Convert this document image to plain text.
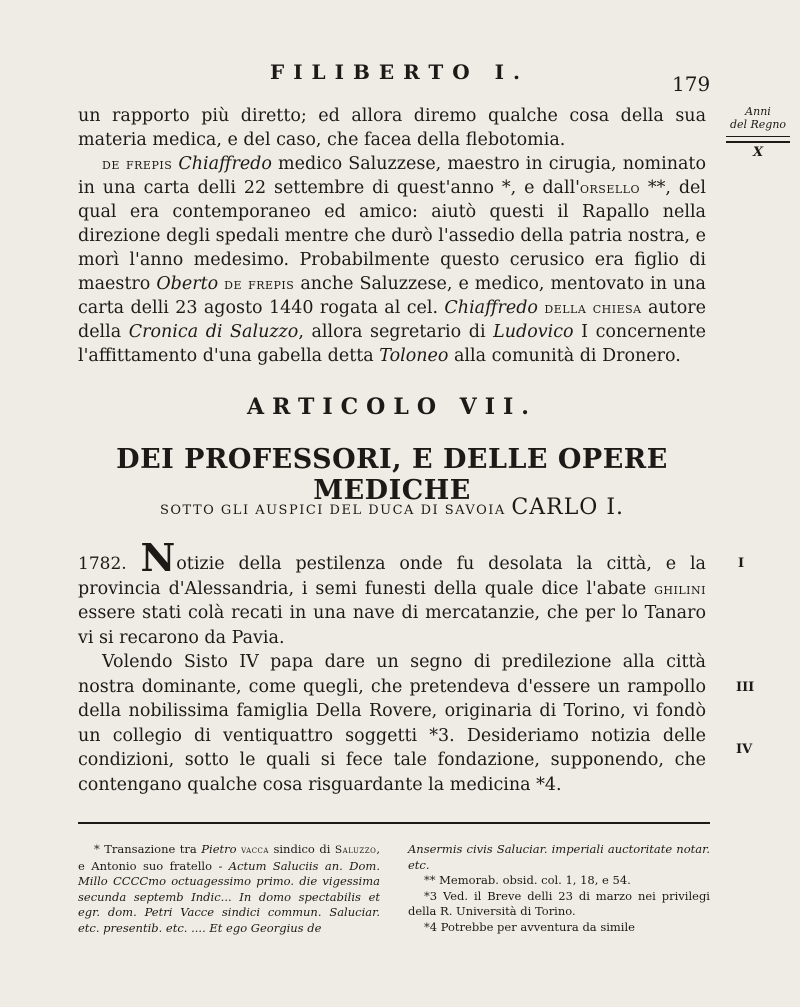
FILIBERTO I.	179
Anni
del Regno
X

un rapporto più diretto; ed allora diremo qualche cosa della sua materia medica, e del caso, che facea della flebotomia.

de frepis Chiaffredo medico Saluzzese, maestro in cirugia, nominato in una carta delli 22 settembre di quest'anno *, e dall'orsello **, del qual era contemporaneo ed amico: aiutò questi il Rapallo nella direzione degli spedali mentre che durò l'assedio della patria nostra, e morì l'anno medesimo. Probabilmente questo cerusico era figlio di maestro Oberto de frepis anche Saluzzese, e medico, mentovato in una carta delli 23 agosto 1440 rogata al cel. Chiaffredo della chiesa autore della Cronica di Saluzzo, allora segretario di Ludovico I concernente l'affittamento d'una gabella detta Toloneo alla comunità di Dronero.

ARTICOLO VII.
DEI PROFESSORI, E DELLE OPERE MEDICHE
SOTTO GLI AUSPICI DEL DUCA DI SAVOIA CARLO I.

1782. Notizie della pestilenza onde fu desolata la città, e la provincia d'Alessandria, i semi funesti della quale dice l'abate ghilini essere stati colà recati in una nave di mercatanzie, che per lo Tanaro vi si recarono da Pavia.

Volendo Sisto IV papa dare un segno di predilezione alla città nostra dominante, come quegli, che pretendeva d'essere un rampollo della nobilissima famiglia Della Rovere, originaria di Torino, vi fondò un collegio di ventiquattro soggetti *3. Desideriamo notizia delle condizioni, sotto le quali si fece tale fondazione, supponendo, che contengano qualche cosa risguardante la medicina *4.

I
III
IV

* Transazione tra Pietro vacca sindico di Saluzzo, e Antonio suo fratello - Actum Saluciis an. Dom. Millo CCCCmo octuagessimo primo. die vigessima secunda septemb Indic... In domo spectabilis et egr. dom. Petri Vacce sindici commun. Saluciar. etc. presentib. etc. .... Et ego Georgius de

Ansermis civis Saluciar. imperiali auctoritate notar. etc.

** Memorab. obsid. col. 1, 18, e 54.

*3 Ved. il Breve delli 23 di marzo nei privilegi della R. Università di Torino.

*4 Potrebbe per avventura da simile
